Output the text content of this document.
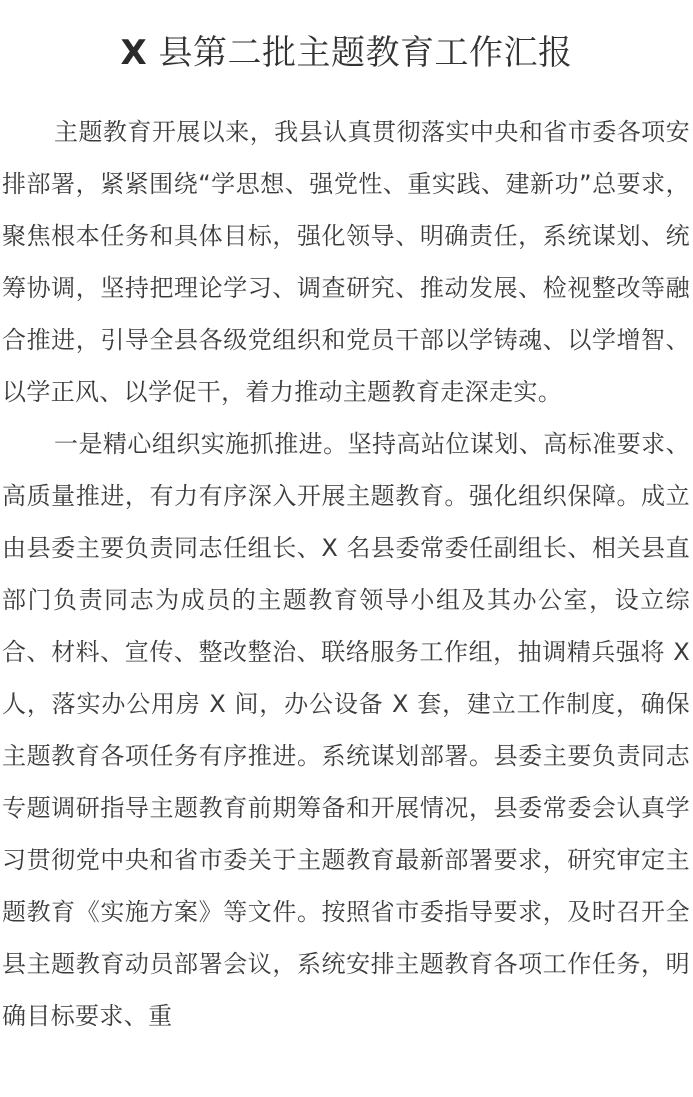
X 县第二批主题教育工作汇报

主题教育开展以来，我县认真贯彻落实中央和省市委各项安排部署，紧紧围绕“学思想、强党性、重实践、建新功”总要求，聚焦根本任务和具体目标，强化领导、明确责任，系统谋划、统筹协调，坚持把理论学习、调查研究、推动发展、检视整改等融合推进，引导全县各级党组织和党员干部以学铸魂、以学增智、以学正风、以学促干，着力推动主题教育走深走实。

一是精心组织实施抓推进。坚持高站位谋划、高标准要求、高质量推进，有力有序深入开展主题教育。强化组织保障。成立由县委主要负责同志任组长、X 名县委常委任副组长、相关县直部门负责同志为成员的主题教育领导小组及其办公室，设立综合、材料、宣传、整改整治、联络服务工作组，抽调精兵强将 X 人，落实办公用房 X 间，办公设备 X 套，建立工作制度，确保主题教育各项任务有序推进。系统谋划部署。县委主要负责同志专题调研指导主题教育前期筹备和开展情况，县委常委会认真学习贯彻党中央和省市委关于主题教育最新部署要求，研究审定主题教育《实施方案》等文件。按照省市委指导要求，及时召开全县主题教育动员部署会议，系统安排主题教育各项工作任务，明确目标要求、重
